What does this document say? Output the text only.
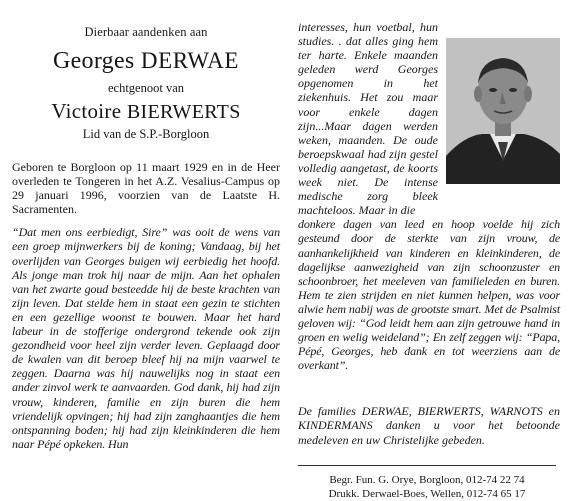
Dierbaar aandenken aan

Georges DERWAE

echtgenoot van

Victoire BIERWERTS

Lid van de S.P.-Borgloon

Geboren te Borgloon op 11 maart 1929 en in de Heer overleden te Tongeren in het A.Z. Vesalius-Campus op 29 januari 1996, voorzien van de Laatste H. Sacramenten.

“Dat men ons eerbiedigt, Sire” was ooit de wens van een groep mijnwerkers bij de koning; Vandaag, bij het overlijden van Georges buigen wij eerbiedig het hoofd. Als jonge man trok hij naar de mijn. Aan het ophalen van het zwarte goud besteedde hij de beste krachten van zijn leven. Dat stelde hem in staat een gezin te stichten en een gezellige woonst te bouwen. Maar het hard labeur in de stofferige ondergrond tekende ook zijn gezondheid voor heel zijn verder leven. Geplaagd door de kwalen van dit beroep bleef hij na mijn vaarwel te zeggen. Daarna was hij nauwelijks nog in staat een ander zinvol werk te aanvaarden. God dank, hij had zijn vrouw, kinderen, familie en zijn buren die hem vriendelijk opvingen; hij had zijn zanghaantjes die hem ontspanning boden; hij had zijn kleinkinderen die hem naar Pépé opkeken. Hun

interesses, hun voetbal, hun studies. . dat alles ging hem ter harte. Enkele maanden geleden werd Georges opgenomen in het ziekenhuis. Het zou maar voor enkele dagen zijn...Maar dagen werden weken, maanden. De oude beroepskwaal had zijn gestel volledig aangetast, de koorts week niet. De intense medische zorg bleek machteloos. Maar in die

donkere dagen van leed en hoop voelde hij zich gesteund door de sterkte van zijn vrouw, de aanhankelijkheid van kinderen en kleinkinderen, de dagelijkse aanwezigheid van zijn schoonzuster en schoonbroer, het meeleven van familieleden en buren. Hem te zien strijden en niet kunnen helpen, was voor alwie hem nabij was de grootste smart. Met de Psalmist geloven wij: “God leidt hem aan zijn getrouwe hand in groen en welig weideland”; En zelf zeggen wij: “Papa, Pépé, Georges, heb dank en tot weerziens aan de overkant”.

De families DERWAE, BIERWERTS, WARNOTS en KINDERMANS danken u voor het betoonde medeleven en uw Christelijke gebeden.

Begr. Fun. G. Orye, Borgloon, 012-74 22 74
Drukk. Derwael-Boes, Wellen, 012-74 65 17
